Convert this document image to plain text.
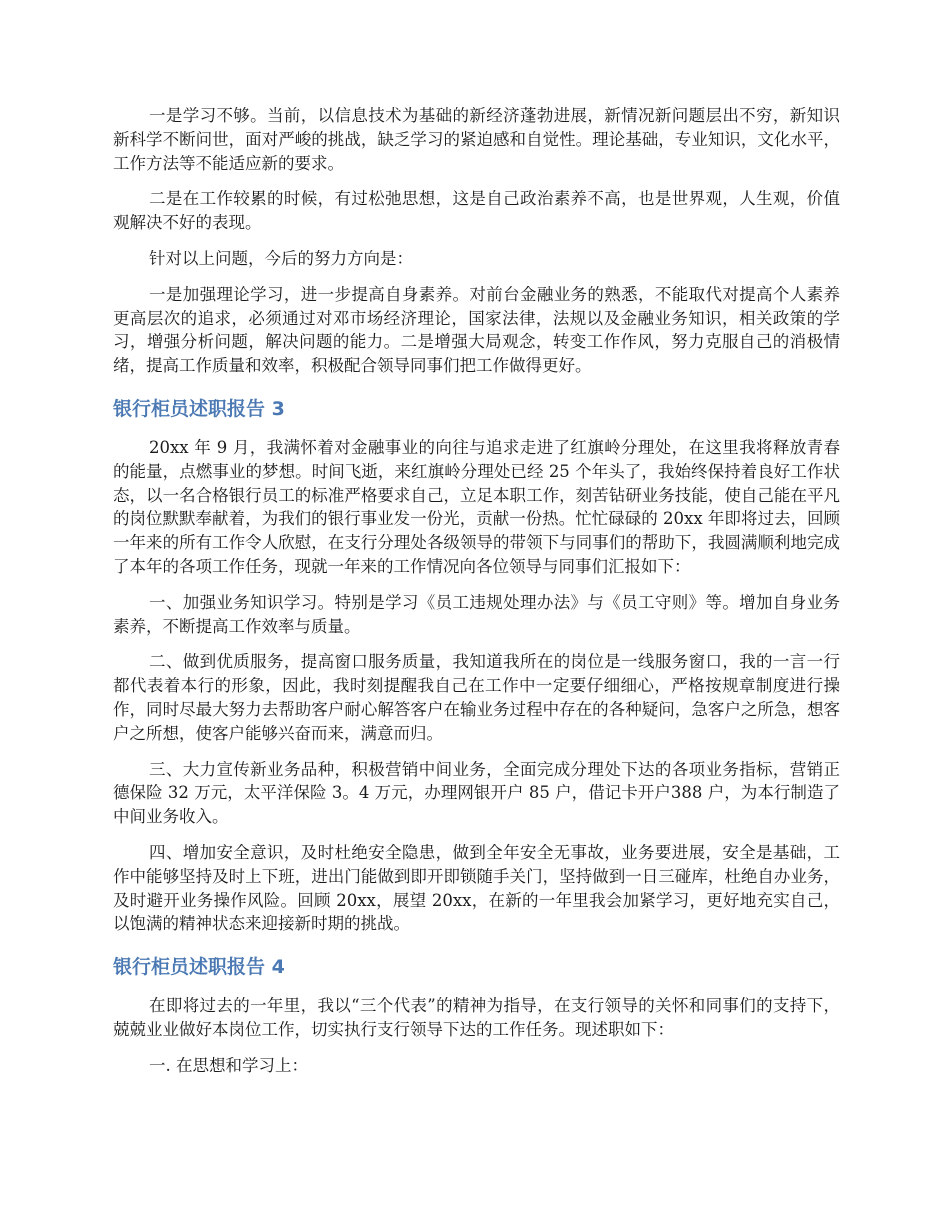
一是学习不够。当前，以信息技术为基础的新经济蓬勃进展，新情况新问题层出不穷，新知识新科学不断问世，面对严峻的挑战，缺乏学习的紧迫感和自觉性。理论基础，专业知识，文化水平，工作方法等不能适应新的要求。

二是在工作较累的时候，有过松弛思想，这是自己政治素养不高，也是世界观，人生观，价值观解决不好的表现。

针对以上问题，今后的努力方向是：

一是加强理论学习，进一步提高自身素养。对前台金融业务的熟悉，不能取代对提高个人素养更高层次的追求，必须通过对邓市场经济理论，国家法律，法规以及金融业务知识，相关政策的学习，增强分析问题，解决问题的能力。二是增强大局观念，转变工作作风，努力克服自己的消极情绪，提高工作质量和效率，积极配合领导同事们把工作做得更好。

银行柜员述职报告 3

20xx 年 9 月，我满怀着对金融事业的向往与追求走进了红旗岭分理处，在这里我将释放青春的能量，点燃事业的梦想。时间飞逝，来红旗岭分理处已经 25 个年头了，我始终保持着良好工作状态，以一名合格银行员工的标准严格要求自己，立足本职工作，刻苦钻研业务技能，使自己能在平凡的岗位默默奉献着，为我们的银行事业发一份光，贡献一份热。忙忙碌碌的 20xx 年即将过去，回顾一年来的所有工作令人欣慰，在支行分理处各级领导的带领下与同事们的帮助下，我圆满顺利地完成了本年的各项工作任务，现就一年来的工作情况向各位领导与同事们汇报如下：

一、加强业务知识学习。特别是学习《员工违规处理办法》与《员工守则》等。增加自身业务素养，不断提高工作效率与质量。

二、做到优质服务，提高窗口服务质量，我知道我所在的岗位是一线服务窗口，我的一言一行都代表着本行的形象，因此，我时刻提醒我自己在工作中一定要仔细细心，严格按规章制度进行操作，同时尽最大努力去帮助客户耐心解答客户在输业务过程中存在的各种疑问，急客户之所急，想客户之所想，使客户能够兴奋而来，满意而归。

三、大力宣传新业务品种，积极营销中间业务，全面完成分理处下达的各项业务指标，营销正德保险 32 万元，太平洋保险 3。4 万元，办理网银开户 85 户，借记卡开户388 户，为本行制造了中间业务收入。

四、增加安全意识，及时杜绝安全隐患，做到全年安全无事故，业务要进展，安全是基础，工作中能够坚持及时上下班，进出门能做到即开即锁随手关门，坚持做到一日三碰库，杜绝自办业务，及时避开业务操作风险。回顾 20xx，展望 20xx，在新的一年里我会加紧学习，更好地充实自己，以饱满的精神状态来迎接新时期的挑战。

银行柜员述职报告 4

在即将过去的一年里，我以“三个代表”的精神为指导，在支行领导的关怀和同事们的支持下，兢兢业业做好本岗位工作，切实执行支行领导下达的工作任务。现述职如下：

一. 在思想和学习上：
